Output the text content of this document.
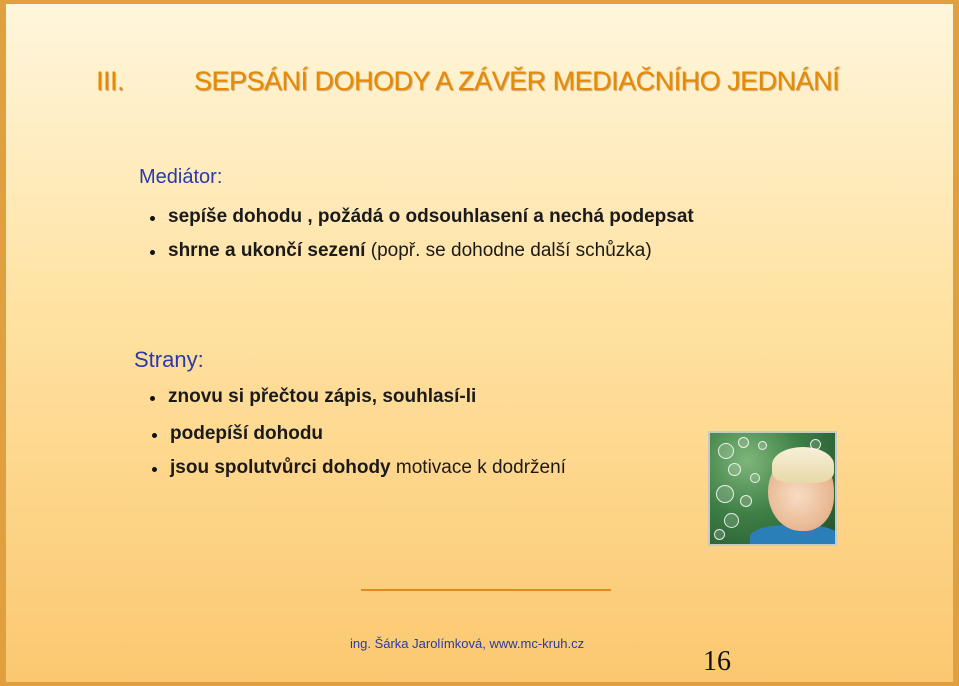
III.	SEPSÁNÍ DOHODY A ZÁVĚR MEDIAČNÍHO JEDNÁNÍ
Mediátor:
sepíše dohodu , požádá o odsouhlasení a nechá podepsat
shrne a ukončí sezení (popř. se dohodne další schůzka)
Strany:
znovu si přečtou zápis, souhlasí-li
podepíší dohodu
jsou spolutvůrci dohody motivace k dodržení
ing. Šárka Jarolímková, www.mc-kruh.cz
16
